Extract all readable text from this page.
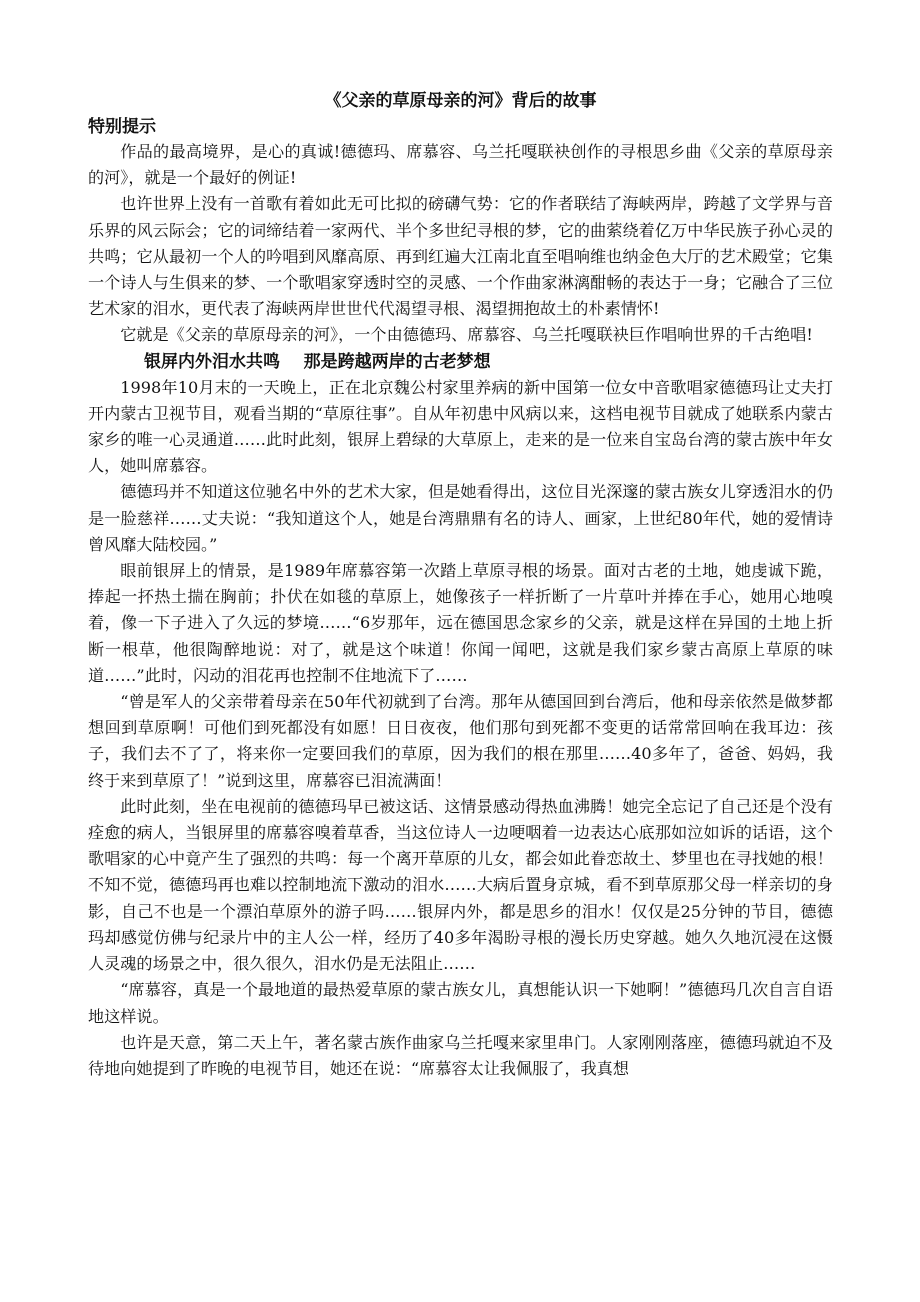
《父亲的草原母亲的河》背后的故事
特别提示

作品的最高境界，是心的真诚!德德玛、席慕容、乌兰托嘎联袂创作的寻根思乡曲《父亲的草原母亲的河》，就是一个最好的例证!

也许世界上没有一首歌有着如此无可比拟的磅礴气势：它的作者联结了海峡两岸，跨越了文学界与音乐界的风云际会；它的词缔结着一家两代、半个多世纪寻根的梦，它的曲萦绕着亿万中华民族子孙心灵的共鸣；它从最初一个人的吟唱到风靡高原、再到红遍大江南北直至唱响维也纳金色大厅的艺术殿堂；它集一个诗人与生俱来的梦、一个歌唱家穿透时空的灵感、一个作曲家淋漓酣畅的表达于一身；它融合了三位艺术家的泪水，更代表了海峡两岸世世代代渴望寻根、渴望拥抱故土的朴素情怀!

它就是《父亲的草原母亲的河》，一个由德德玛、席慕容、乌兰托嘎联袂巨作唱响世界的千古绝唱!

银屏内外泪水共鸣    那是跨越两岸的古老梦想

1998年10月末的一天晚上，正在北京魏公村家里养病的新中国第一位女中音歌唱家德德玛让丈夫打开内蒙古卫视节目，观看当期的“草原往事”。自从年初患中风病以来，这档电视节目就成了她联系内蒙古家乡的唯一心灵通道……此时此刻，银屏上碧绿的大草原上，走来的是一位来自宝岛台湾的蒙古族中年女人，她叫席慕容。

德德玛并不知道这位驰名中外的艺术大家，但是她看得出，这位目光深邃的蒙古族女儿穿透泪水的仍是一脸慈祥……丈夫说：“我知道这个人，她是台湾鼎鼎有名的诗人、画家，上世纪80年代，她的爱情诗曾风靡大陆校园。”

眼前银屏上的情景，是1989年席慕容第一次踏上草原寻根的场景。面对古老的土地，她虔诚下跪，捧起一抔热土揣在胸前；扑伏在如毯的草原上，她像孩子一样折断了一片草叶并捧在手心，她用心地嗅着，像一下子进入了久远的梦境……“6岁那年，远在德国思念家乡的父亲，就是这样在异国的土地上折断一根草，他很陶醉地说：对了，就是这个味道！你闻一闻吧，这就是我们家乡蒙古高原上草原的味道……”此时，闪动的泪花再也控制不住地流下了……

“曾是军人的父亲带着母亲在50年代初就到了台湾。那年从德国回到台湾后，他和母亲依然是做梦都想回到草原啊！可他们到死都没有如愿！日日夜夜，他们那句到死都不变更的话常常回响在我耳边：孩子，我们去不了了，将来你一定要回我们的草原，因为我们的根在那里……40多年了，爸爸、妈妈，我终于来到草原了！”说到这里，席慕容已泪流满面！

此时此刻，坐在电视前的德德玛早已被这话、这情景感动得热血沸腾！她完全忘记了自己还是个没有痊愈的病人，当银屏里的席慕容嗅着草香，当这位诗人一边哽咽着一边表达心底那如泣如诉的话语，这个歌唱家的心中竟产生了强烈的共鸣：每一个离开草原的儿女，都会如此眷恋故土、梦里也在寻找她的根！不知不觉，德德玛再也难以控制地流下激动的泪水……大病后置身京城，看不到草原那父母一样亲切的身影，自己不也是一个漂泊草原外的游子吗……银屏内外，都是思乡的泪水！仅仅是25分钟的节目，德德玛却感觉仿佛与纪录片中的主人公一样，经历了40多年渴盼寻根的漫长历史穿越。她久久地沉浸在这慑人灵魂的场景之中，很久很久，泪水仍是无法阻止……

“席慕容，真是一个最地道的最热爱草原的蒙古族女儿，真想能认识一下她啊！”德德玛几次自言自语地这样说。

也许是天意，第二天上午，著名蒙古族作曲家乌兰托嘎来家里串门。人家刚刚落座，德德玛就迫不及待地向她提到了昨晚的电视节目，她还在说：“席慕容太让我佩服了，我真想
